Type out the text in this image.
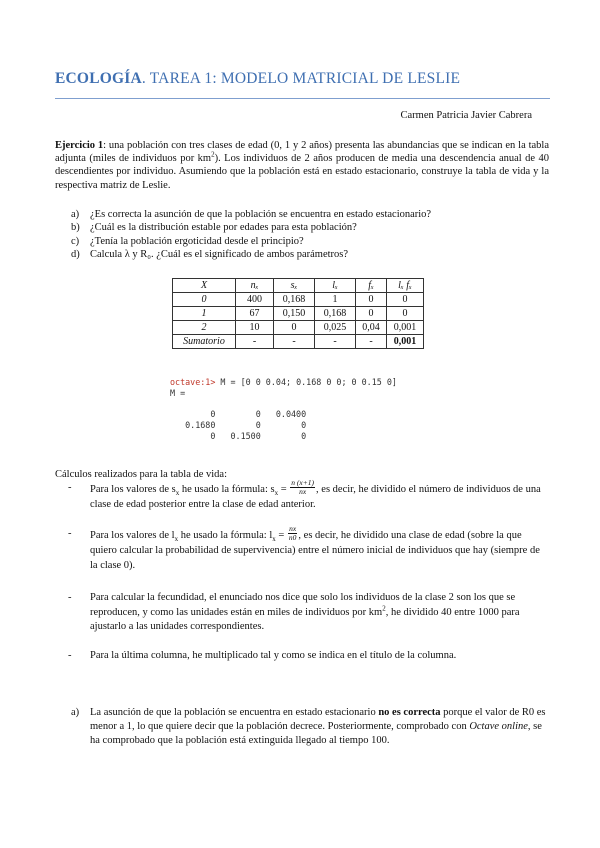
ECOLOGÍA. TAREA 1: MODELO MATRICIAL DE LESLIE
Carmen Patricia Javier Cabrera
Ejercicio 1: una población con tres clases de edad (0, 1 y 2 años) presenta las abundancias que se indican en la tabla adjunta (miles de individuos por $km^2$). Los individuos de 2 años producen de media una descendencia anual de 40 descendientes por individuo. Asumiendo que la población está en estado estacionario, construye la tabla de vida y la respectiva matriz de Leslie.
a)	¿Es correcta la asunción de que la población se encuentra en estado estacionario?
b) ¿Cuál es la distribución estable por edades para esta población?
c)	¿Tenía la población ergoticidad desde el principio?
d) Calcula λ y R₀. ¿Cuál es el significado de ambos parámetros?
X	nₓ	sₓ	lₓ	fₓ	lₓ fₓ
0	400	0,168	1	0	0
1	67	0,150	0,168	0	0
2	10	0	0,025	0,04	0,001
Sumatorio	-	-	-	-	0,001
octave:1> M = [0 0 0.04; 0.168 0 0; 0 0.15 0]
M =

0        0   0.0400
0.1680        0        0
0   0.1500        0
Cálculos realizados para la tabla de vida:
-	Para los valores de $s_x$ he usado la fórmula: $s_x = \frac{n (x+1)}{nx}$ , es decir, he dividido el número de individuos de una clase de edad posterior entre la clase de edad anterior.
-	Para los valores de $l_x$ he usado la fórmula: $l_x = \frac{nx}{n0}$ , es decir, he dividido una clase de edad (sobre la que quiero calcular la probabilidad de supervivencia) entre el número inicial de individuos que hay (siempre de la clase 0).
-	Para calcular la fecundidad, el enunciado nos dice que solo los individuos de la clase 2 son los que se reproducen, y como las unidades están en miles de individuos por $km^2$, he dividido 40 entre 1000 para ajustarlo a las unidades correspondientes.
-	Para la última columna, he multiplicado tal y como se indica en el título de la columna.
a)	La asunción de que la población se encuentra en estado estacionario no es correcta porque el valor de R0 es menor a 1, lo que quiere decir que la población decrece. Posteriormente, comprobado con Octave online, se ha comprobado que la población está extinguida llegado al tiempo 100.
